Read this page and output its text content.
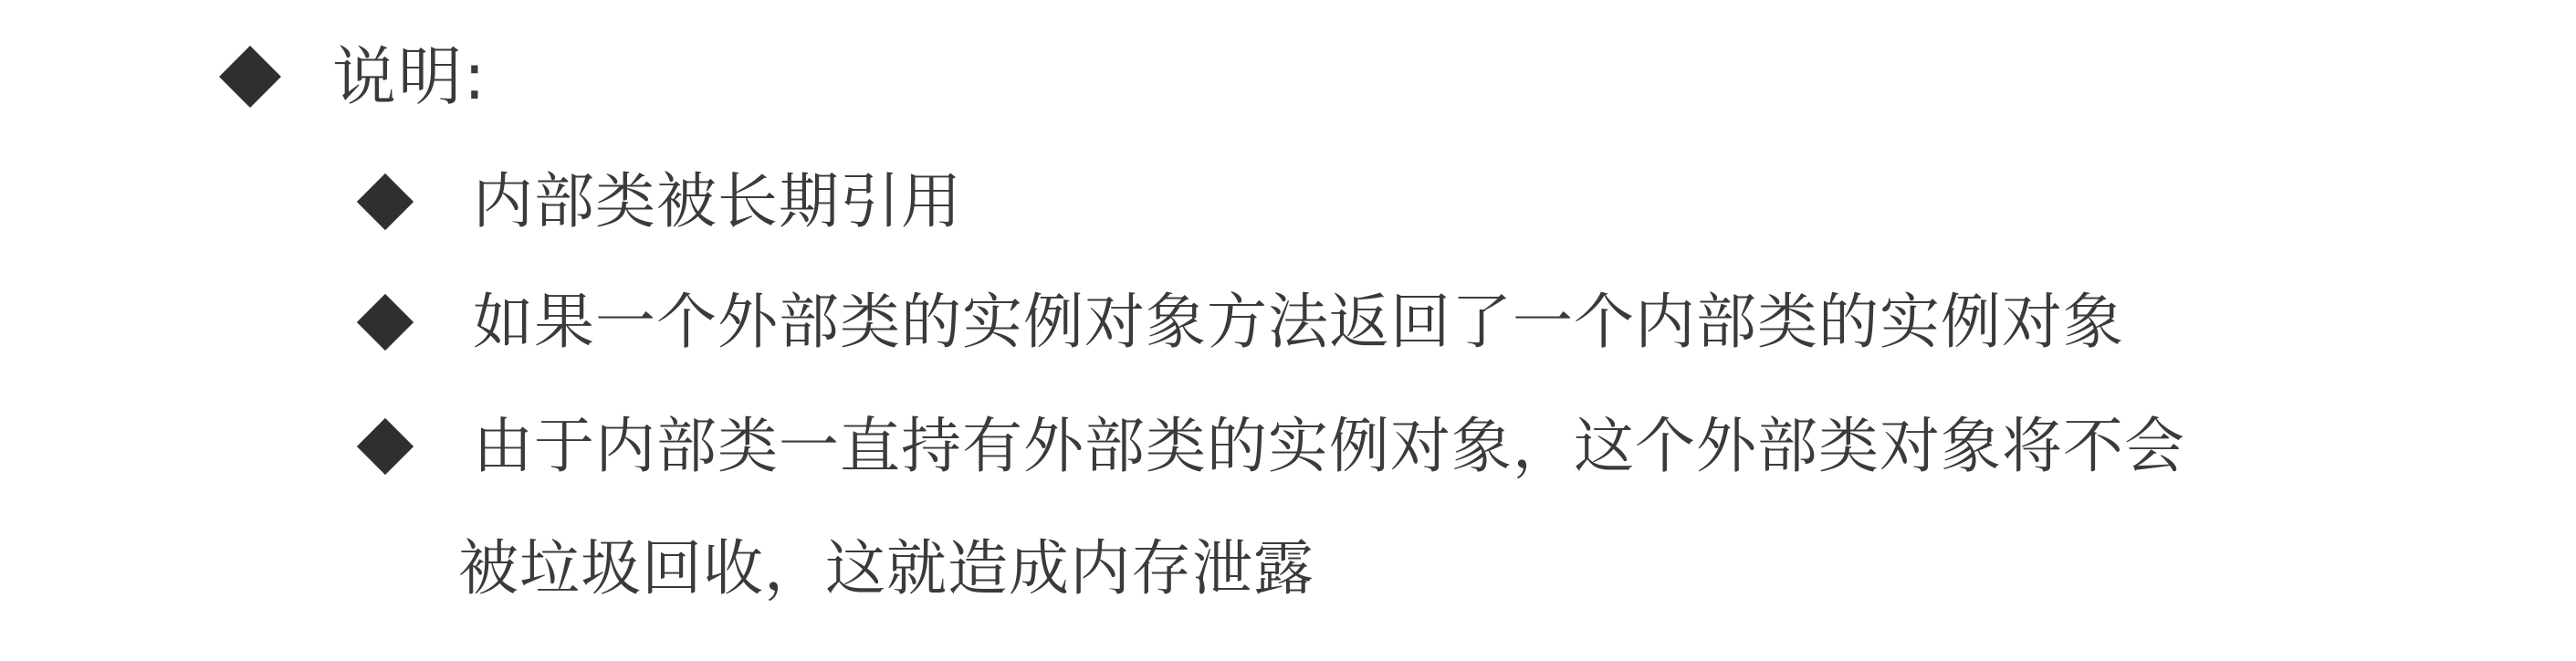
说明:
内部类被长期引用
如果一个外部类的实例对象方法返回了一个内部类的实例对象
由于内部类一直持有外部类的实例对象，这个外部类对象将不会
被垃圾回收，这就造成内存泄露
